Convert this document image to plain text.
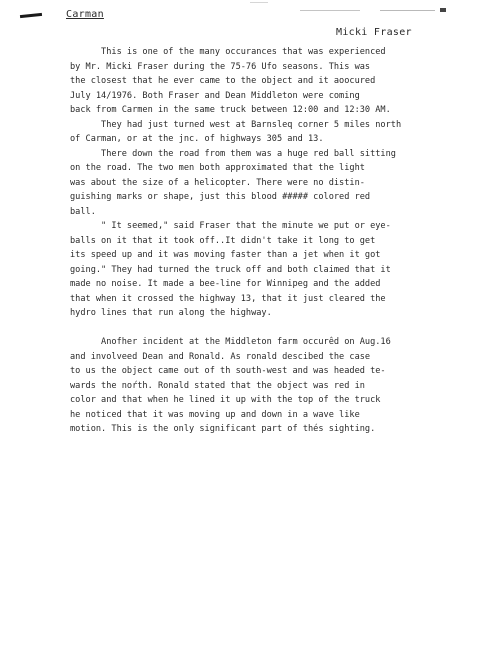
Carman
Micki Fraser
This is one of the many occurances that was experienced
by Mr. Micki Fraser during the 75-76 Ufo seasons. This was
the closest that he ever came to the object and it aoocured
July 14/1976. Both Fraser and Dean Middleton were coming
back from Carmen in the same truck between 12:00 and 12:30 AM.
They had just turned west at Barnsleq corner 5 miles north
of Carman, or at the jnc. of highways 305 and 13.
There down the road from them was a huge red ball sitting
on the road. The two men both approximated that the light
was about the size of a helicopter. There were no distin-
guishing marks or shape, just this blood ##### colored red
ball.
" It seemed," said Fraser that the minute we put or eye-
balls on it that it took off..It didn't take it long to get
its speed up and it was moving faster than a jet when it got
going." They had turned the truck off and both claimed that it
made no noise. It made a bee-line for Winnipeg and the added
that when it crossed the highway 13, that it just cleared the
hydro lines that run along the highway.
Anofher incident at the Middleton farm occurêd on Aug.16
and involveed Dean and Ronald. As ronald descibed the case
to us the object came out of th south-west and was headed te-
wards the noŕth. Ronald stated that the object was red in
color and that when he lined it up with the top of the truck
he noticed that it was moving up and down in a wave like
motion. This is the only significant part of thés sighting.
